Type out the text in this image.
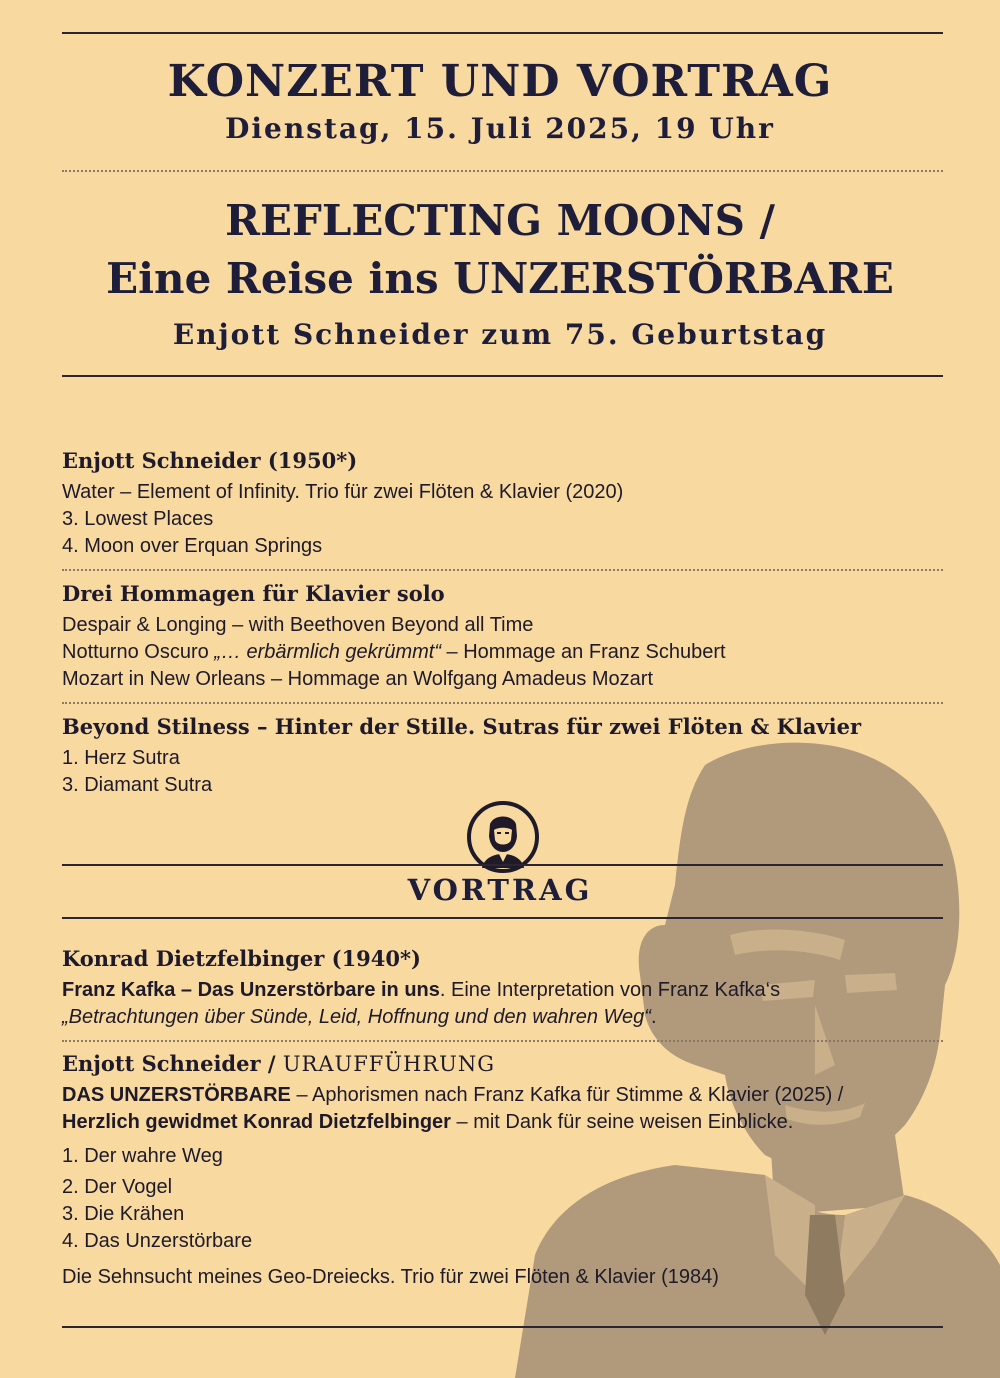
KONZERT UND VORTRAG
Dienstag, 15. Juli 2025, 19 Uhr
REFLECTING MOONS /
Eine Reise ins UNZERSTÖRBARE
Enjott Schneider zum 75. Geburtstag
Enjott Schneider (1950*)
Water – Element of Infinity. Trio für zwei Flöten & Klavier (2020)
3. Lowest Places
4. Moon over Erquan Springs
Drei Hommagen für Klavier solo
Despair & Longing – with Beethoven Beyond all Time
Notturno Oscuro „… erbärmlich gekrümmt“ – Hommage an Franz Schubert
Mozart in New Orleans – Hommage an Wolfgang Amadeus Mozart
Beyond Stilness – Hinter der Stille. Sutras für zwei Flöten & Klavier
1. Herz Sutra
3. Diamant Sutra
VORTRAG
Konrad Dietzfelbinger (1940*)
Franz Kafka – Das Unzerstörbare in uns. Eine Interpretation von Franz Kafka‘s
„Betrachtungen über Sünde, Leid, Hoffnung und den wahren Weg“.
Enjott Schneider / URAUFFÜHRUNG
DAS UNZERSTÖRBARE – Aphorismen nach Franz Kafka für Stimme & Klavier (2025) /
Herzlich gewidmet Konrad Dietzfelbinger – mit Dank für seine weisen Einblicke.
1. Der wahre Weg
2. Der Vogel
3. Die Krähen
4. Das Unzerstörbare
Die Sehnsucht meines Geo-Dreiecks. Trio für zwei Flöten & Klavier (1984)
